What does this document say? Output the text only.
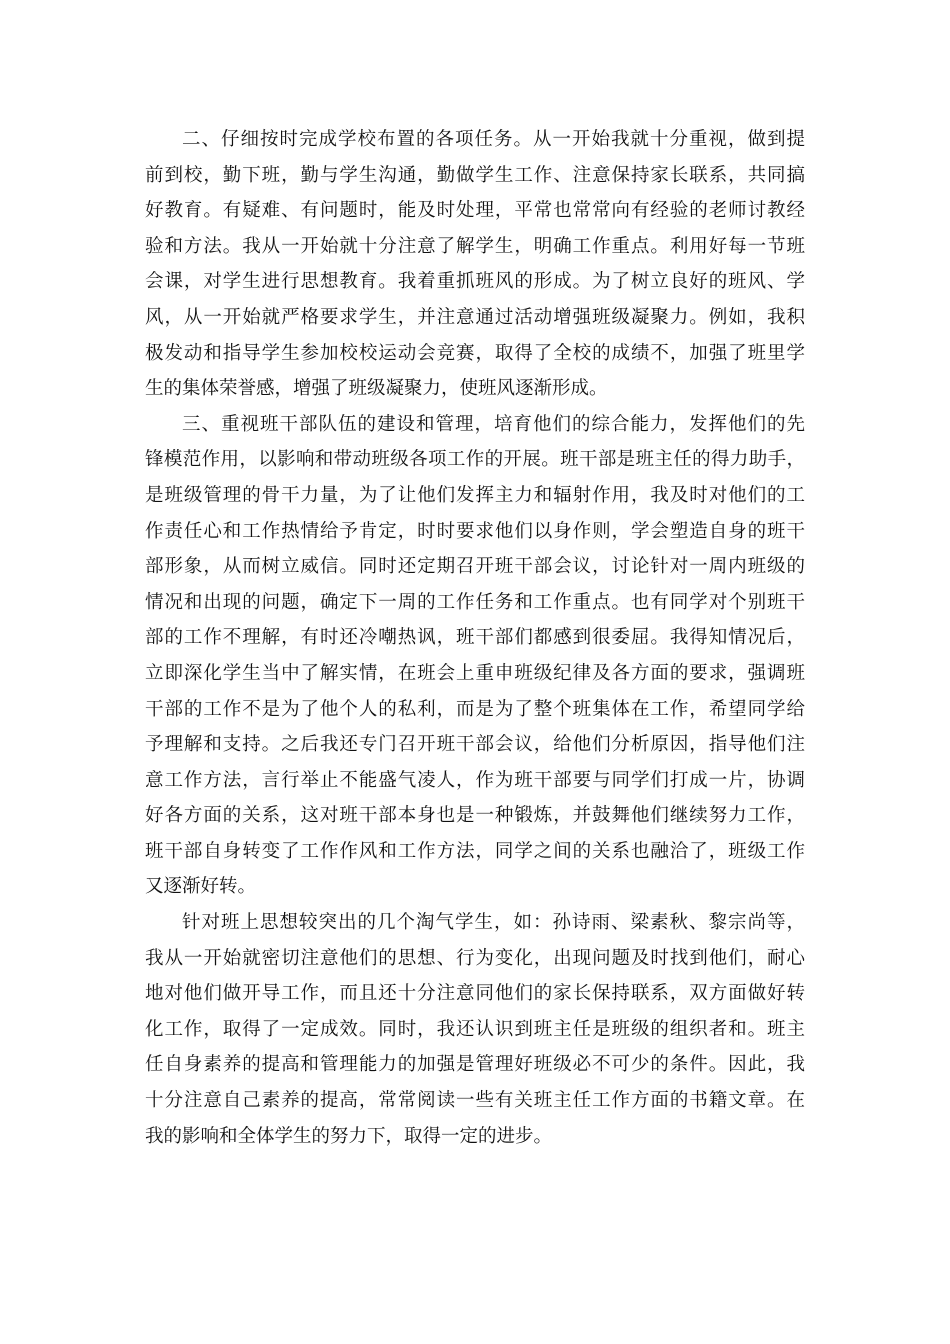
二、仔细按时完成学校布置的各项任务。从一开始我就十分重视，做到提
前到校，勤下班，勤与学生沟通，勤做学生工作、注意保持家长联系，共同搞
好教育。有疑难、有问题时，能及时处理，平常也常常向有经验的老师讨教经
验和方法。我从一开始就十分注意了解学生，明确工作重点。利用好每一节班
会课，对学生进行思想教育。我着重抓班风的形成。为了树立良好的班风、学
风，从一开始就严格要求学生，并注意通过活动增强班级凝聚力。例如，我积
极发动和指导学生参加校校运动会竞赛，取得了全校的成绩不，加强了班里学
生的集体荣誉感，增强了班级凝聚力，使班风逐渐形成。
三、重视班干部队伍的建设和管理，培育他们的综合能力，发挥他们的先
锋模范作用，以影响和带动班级各项工作的开展。班干部是班主任的得力助手，
是班级管理的骨干力量，为了让他们发挥主力和辐射作用，我及时对他们的工
作责任心和工作热情给予肯定，时时要求他们以身作则，学会塑造自身的班干
部形象，从而树立威信。同时还定期召开班干部会议，讨论针对一周内班级的
情况和出现的问题，确定下一周的工作任务和工作重点。也有同学对个别班干
部的工作不理解，有时还冷嘲热讽，班干部们都感到很委屈。我得知情况后，
立即深化学生当中了解实情，在班会上重申班级纪律及各方面的要求，强调班
干部的工作不是为了他个人的私利，而是为了整个班集体在工作，希望同学给
予理解和支持。之后我还专门召开班干部会议，给他们分析原因，指导他们注
意工作方法，言行举止不能盛气凌人，作为班干部要与同学们打成一片，协调
好各方面的关系，这对班干部本身也是一种锻炼，并鼓舞他们继续努力工作，
班干部自身转变了工作作风和工作方法，同学之间的关系也融洽了，班级工作
又逐渐好转。
针对班上思想较突出的几个淘气学生，如：孙诗雨、梁素秋、黎宗尚等，
我从一开始就密切注意他们的思想、行为变化，出现问题及时找到他们，耐心
地对他们做开导工作，而且还十分注意同他们的家长保持联系，双方面做好转
化工作，取得了一定成效。同时，我还认识到班主任是班级的组织者和。班主
任自身素养的提高和管理能力的加强是管理好班级必不可少的条件。因此，我
十分注意自己素养的提高，常常阅读一些有关班主任工作方面的书籍文章。在
我的影响和全体学生的努力下，取得一定的进步。
